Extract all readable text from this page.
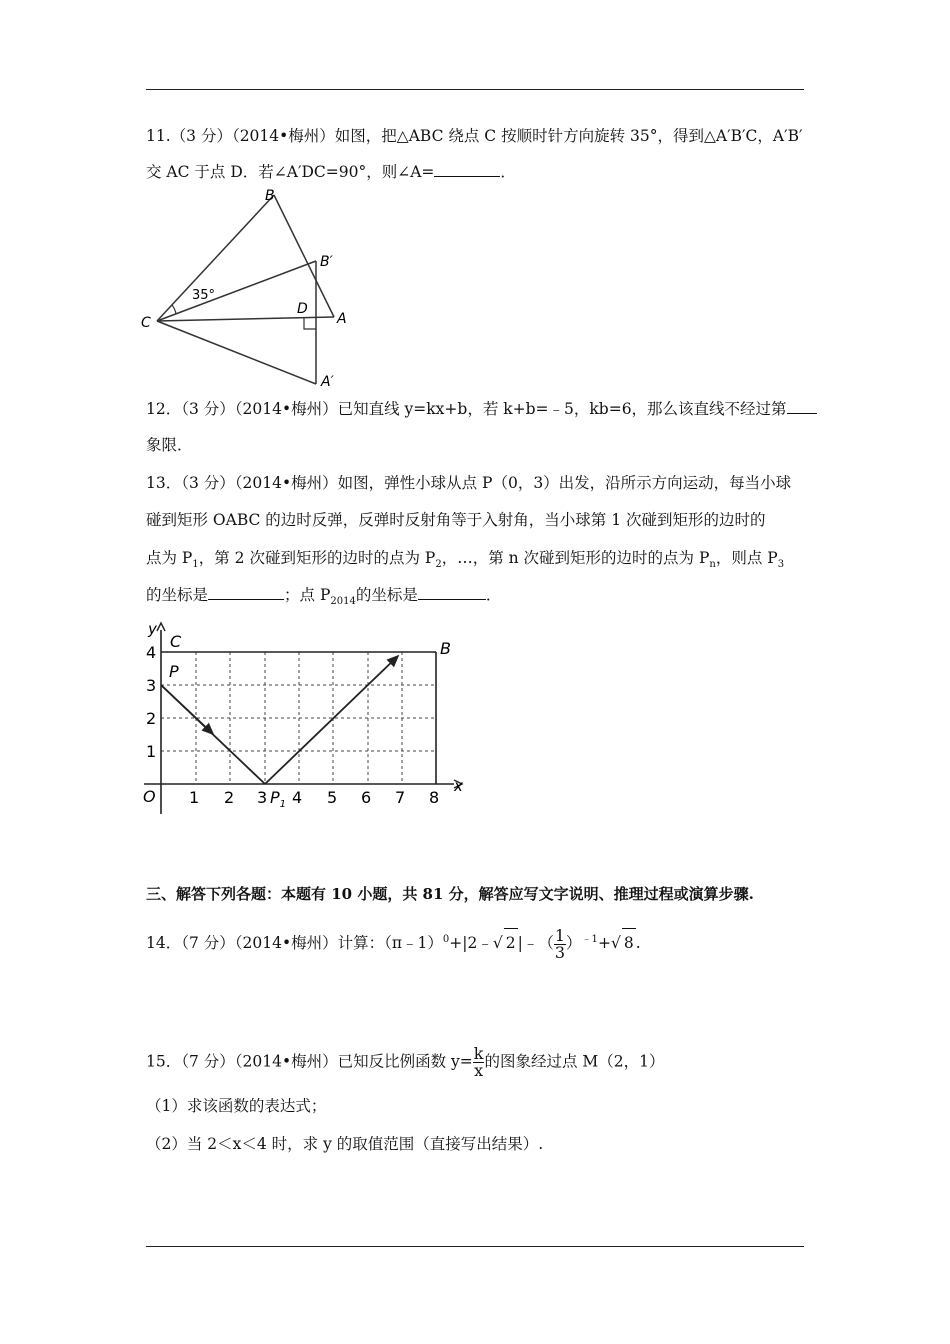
11.（3 分）（2014•梅州）如图，把△ABC 绕点 C 按顺时针方向旋转 35°，得到△A′B′C，A′B′
交 AC 于点 D．若∠A′DC=90°，则∠A=	．
B
B′
35°
D
A
C
A′
12．（3 分）（2014•梅州）已知直线 y=kx+b，若 k+b=﹣5，kb=6，那么该直线不经过第
象限．
13．（3 分）（2014•梅州）如图，弹性小球从点 P（0，3）出发，沿所示方向运动，每当小球
碰到矩形 OABC 的边时反弹，反弹时反射角等于入射角，当小球第 1 次碰到矩形的边时的
点为 $P_1$，第 2 次碰到矩形的边时的点为 $P_2$，…，第 n 次碰到矩形的边时的点为 $P_n$，则点 $P_3$
的坐标是	；点 $P_{2014}$的坐标是	．
y
C	B
P
O
x
$P_1$
4
3
2
1
1 2 3 4 5 6 7 8
三、解答下列各题：本题有 10 小题，共 81 分，解答应写文字说明、推理过程或演算步骤.
14．（7 分）（2014•梅州）计算：（π﹣1）$^0$+|2﹣√ 2 |﹣（ $\frac{1}{3} )^{﹣1}+√$ 8 .
15．（7 分）（2014•梅州）已知反比例函数 $y= \frac{k}{x}$ 的图象经过点 M（2，1）
（1）求该函数的表达式；
（2）当 2＜x＜4 时，求 y 的取值范围（直接写出结果）.
